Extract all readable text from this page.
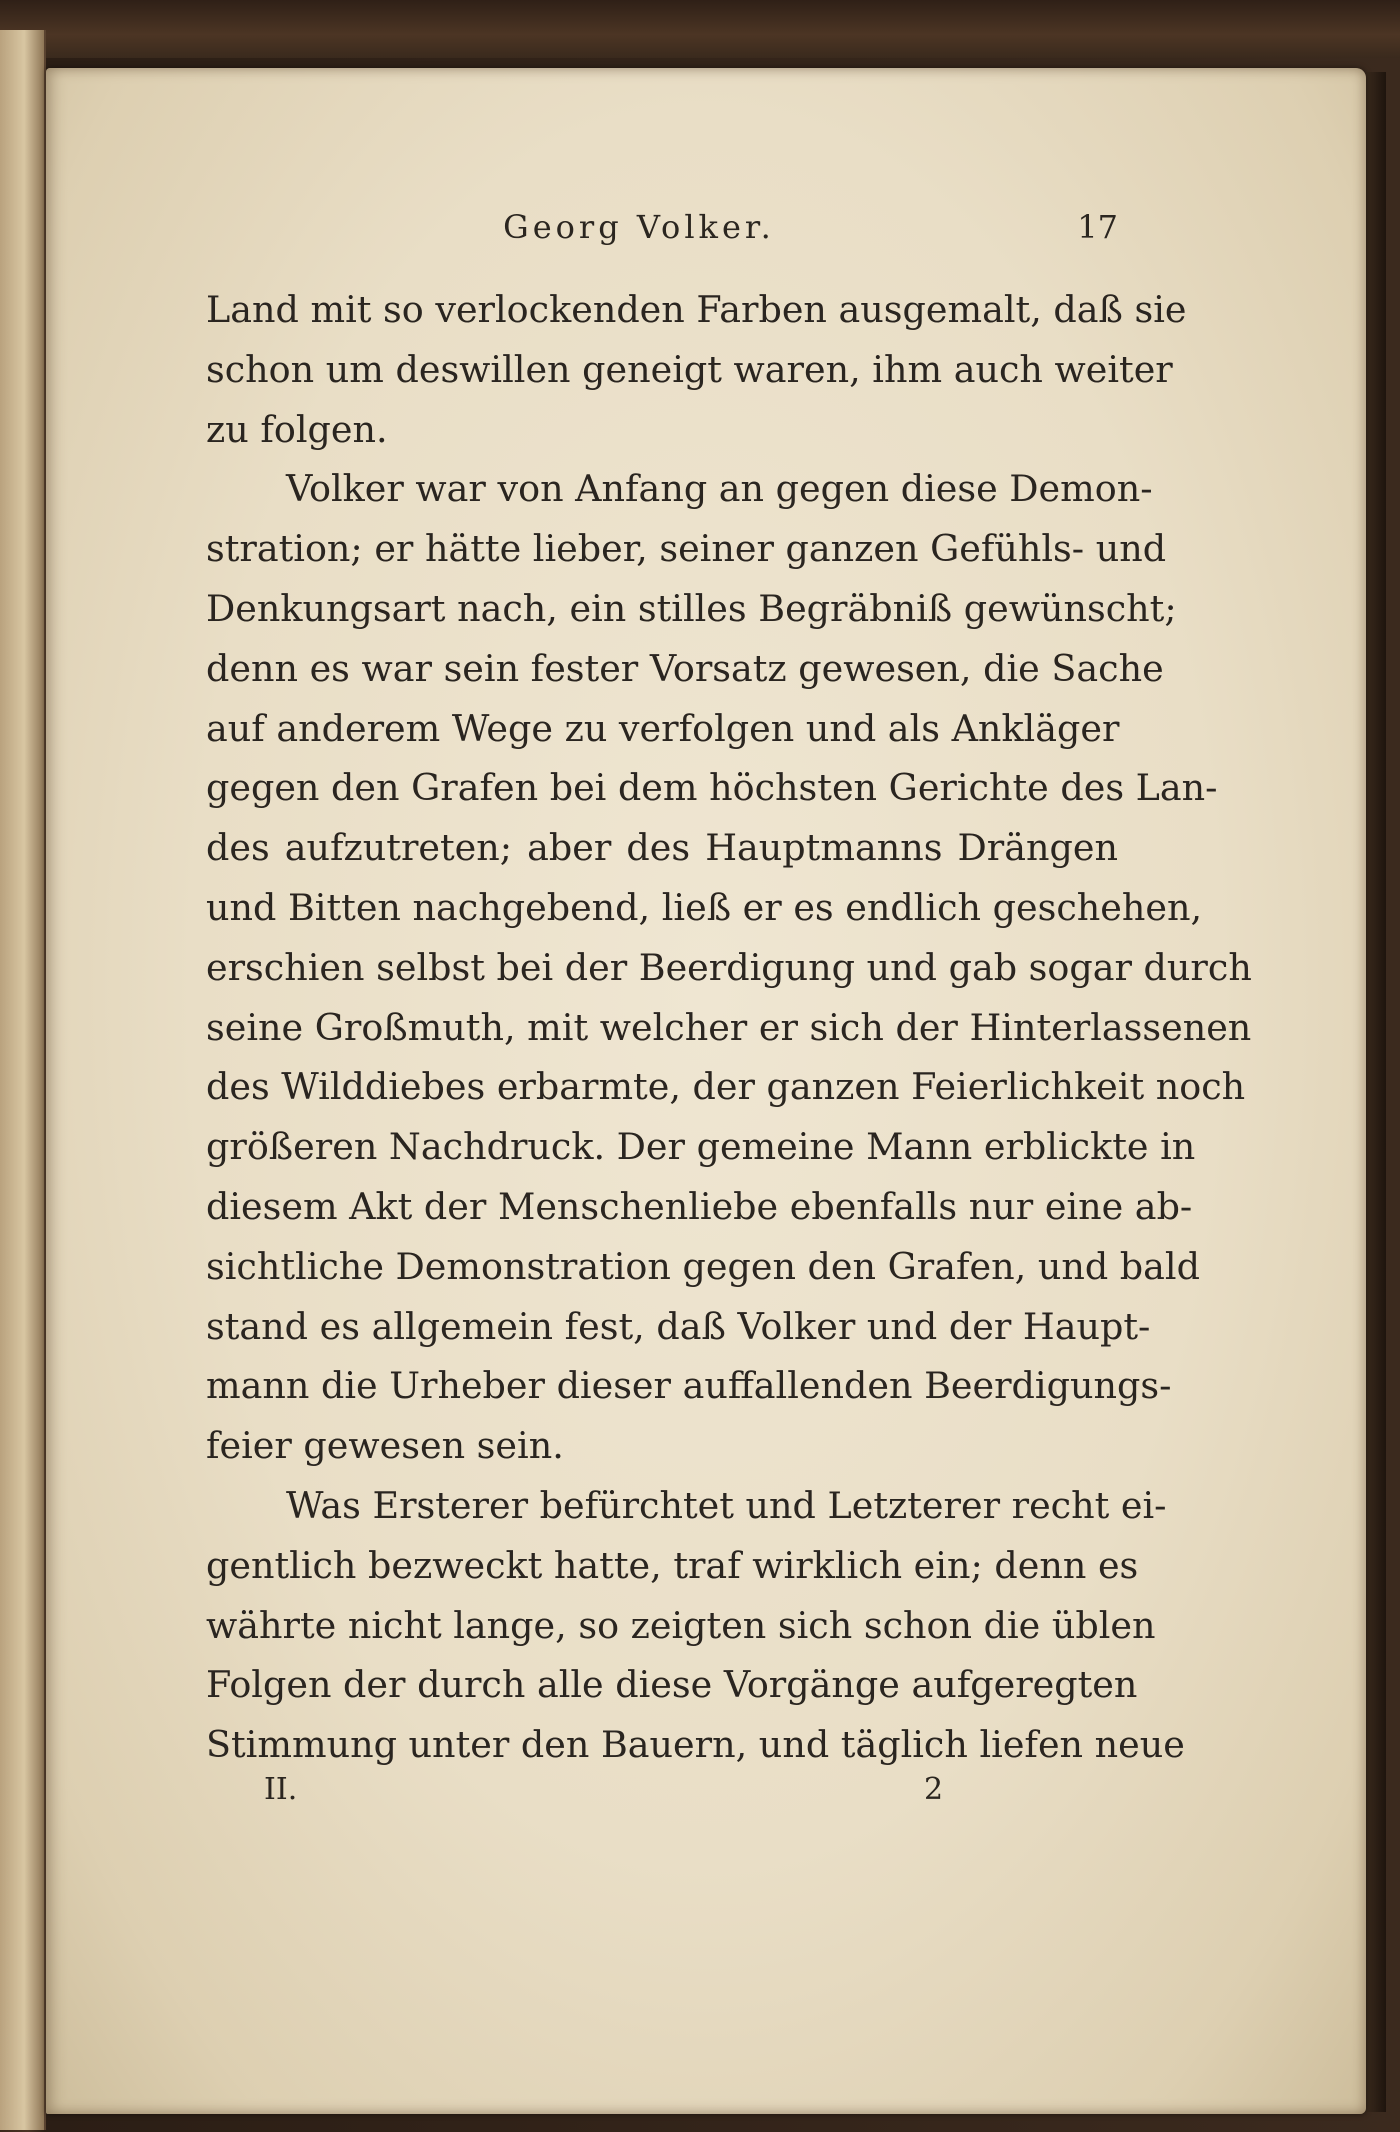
Georg Volker.	17
Land mit so verlockenden Farben ausgemalt, daß sie
schon um deswillen geneigt waren, ihm auch weiter
zu folgen.
Volker war von Anfang an gegen diese Demon-
stration; er hätte lieber, seiner ganzen Gefühls- und
Denkungsart nach, ein stilles Begräbniß gewünscht;
denn es war sein fester Vorsatz gewesen, die Sache
auf anderem Wege zu verfolgen und als Ankläger
gegen den Grafen bei dem höchsten Gerichte des Lan-
des aufzutreten; aber des Hauptmanns Drängen
und Bitten nachgebend, ließ er es endlich geschehen,
erschien selbst bei der Beerdigung und gab sogar durch
seine Großmuth, mit welcher er sich der Hinterlassenen
des Wilddiebes erbarmte, der ganzen Feierlichkeit noch
größeren Nachdruck. Der gemeine Mann erblickte in
diesem Akt der Menschenliebe ebenfalls nur eine ab-
sichtliche Demonstration gegen den Grafen, und bald
stand es allgemein fest, daß Volker und der Haupt-
mann die Urheber dieser auffallenden Beerdigungs-
feier gewesen sein.
Was Ersterer befürchtet und Letzterer recht ei-
gentlich bezweckt hatte, traf wirklich ein; denn es
währte nicht lange, so zeigten sich schon die üblen
Folgen der durch alle diese Vorgänge aufgeregten
Stimmung unter den Bauern, und täglich liefen neue
II.	2
